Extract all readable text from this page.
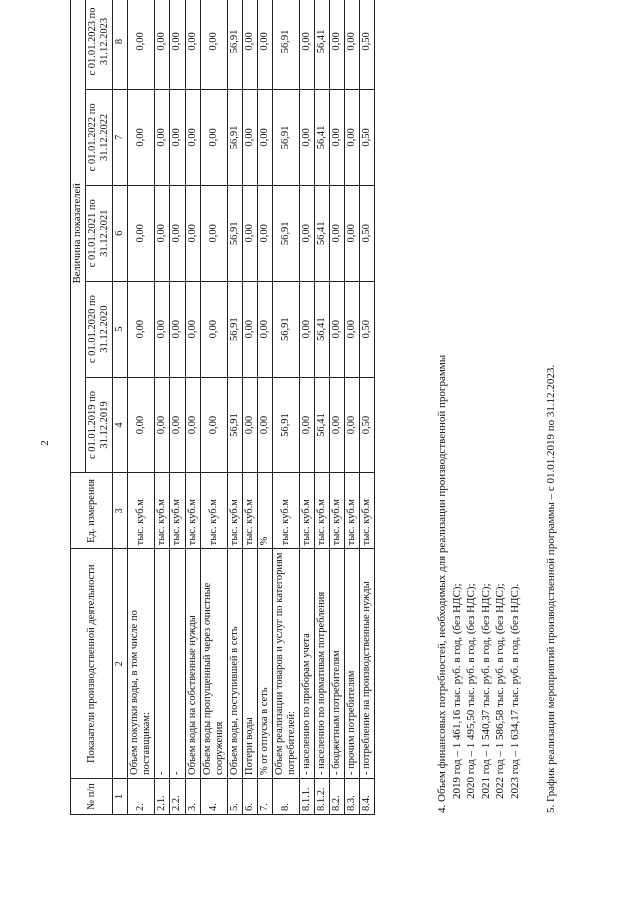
2
№ п/п	Показатели производственной деятельности	Ед. измерения	Величина показателей				
			с 01.01.2019 по 31.12.2019	с 01.01.2020 по 31.12.2020	с 01.01.2021 по 31.12.2021	с 01.01.2022 по 31.12.2022	с 01.01.2023 по 31.12.2023
1	2	3	4	5	6	7	8
2.	Объем покупки воды, в том числе по поставщикам:	тыс. куб.м	0,00	0,00	0,00	0,00	0,00
2.1.	-	тыс. куб.м	0,00	0,00	0,00	0,00	0,00
2.2.	-	тыс. куб.м	0,00	0,00	0,00	0,00	0,00
3.	Объем воды на собственные нужды	тыс. куб.м	0,00	0,00	0,00	0,00	0,00
4.	Объем воды пропущенный через очистные сооружения	тыс. куб.м	0,00	0,00	0,00	0,00	0,00
5.	Объем воды, поступившей в сеть	тыс. куб.м	56,91	56,91	56,91	56,91	56,91
6.	Потери воды	тыс. куб.м	0,00	0,00	0,00	0,00	0,00
7.	% от отпуска в сеть	%	0,00	0,00	0,00	0,00	0,00
8.	Объем реализации товаров и услуг по категориям потребителей:	тыс. куб.м	56,91	56,91	56,91	56,91	56,91
8.1.1.	- населению по приборам учета	тыс. куб.м	0,00	0,00	0,00	0,00	0,00
8.1.2.	- населению по нормативам потребления	тыс. куб.м	56,41	56,41	56,41	56,41	56,41
8.2.	- бюджетным потребителям	тыс. куб.м	0,00	0,00	0,00	0,00	0,00
8.3.	- прочим потребителям	тыс. куб.м	0,00	0,00	0,00	0,00	0,00
8.4.	- потребление на производственные нужды	тыс. куб.м	0,50	0,50	0,50	0,50	0,50
4. Объем финансовых потребностей, необходимых для реализации производственной программы 2019 год – 1 461,16 тыс. руб. в год, (без НДС); 2020 год – 1 495,50 тыс. руб. в год, (без НДС); 2021 год – 1 540,37 тыс. руб. в год, (без НДС); 2022 год – 1 586,58 тыс. руб. в год, (без НДС); 2023 год – 1 634,17 тыс. руб. в год, (без НДС). 5. График реализации мероприятий производственной программы – с 01.01.2019 по 31.12.2023.
